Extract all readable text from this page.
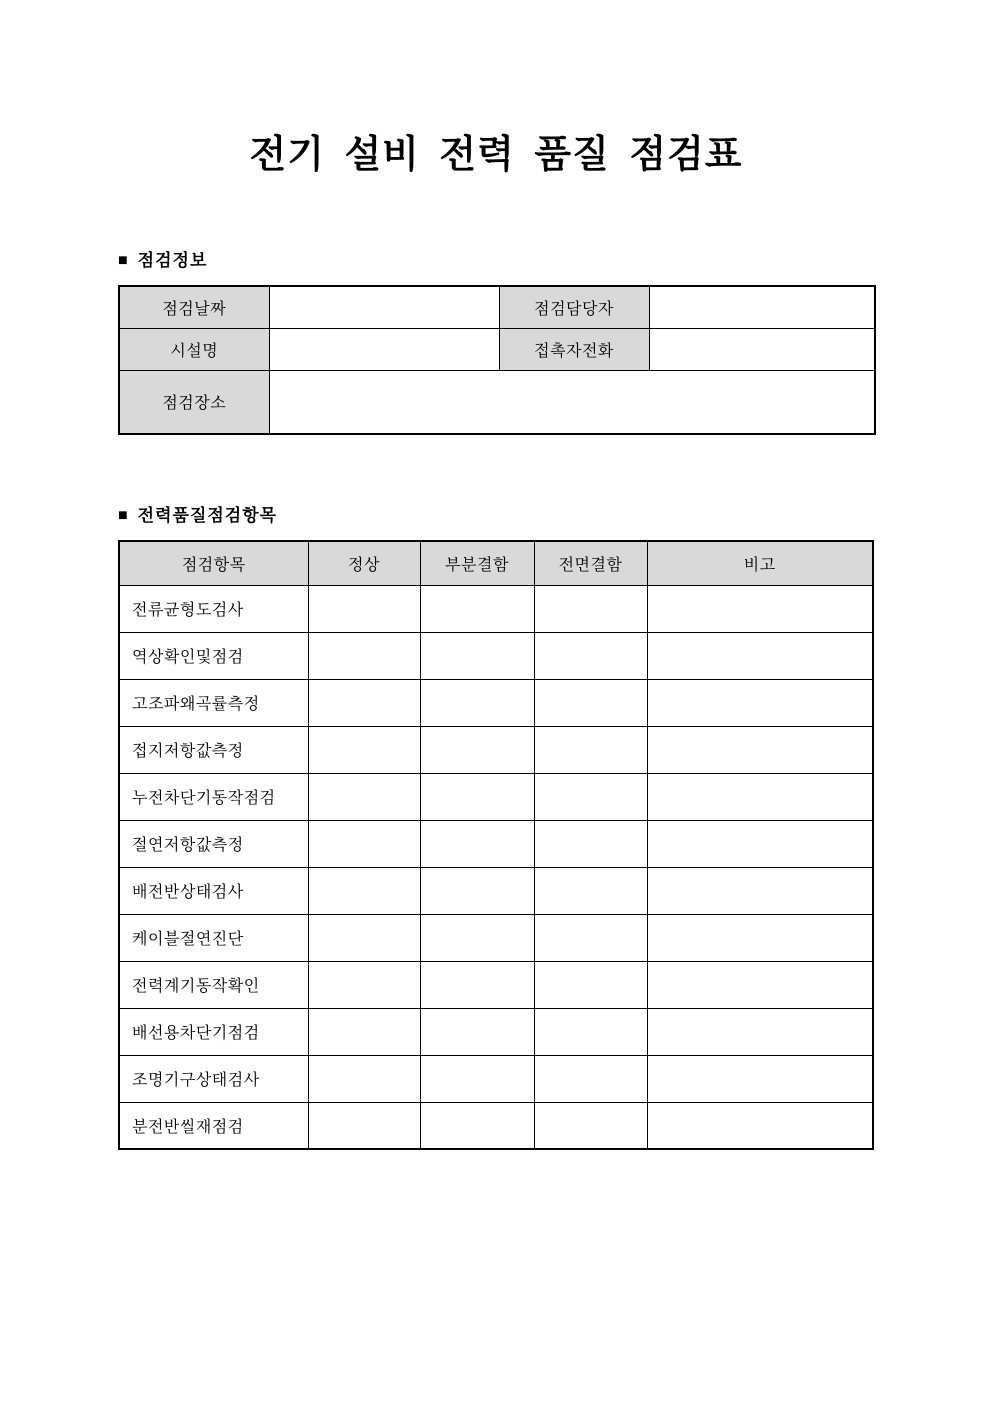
전기 설비 전력 품질 점검표
■ 점검정보
점검날짜		점검담당자	
시설명		접촉자전화	
점검장소			
■ 전력품질점검항목
점검항목	정상	부분결함	전면결함	비고
전류균형도검사				
역상확인및점검				
고조파왜곡률측정				
접지저항값측정				
누전차단기동작점검				
절연저항값측정				
배전반상태검사				
케이블절연진단				
전력계기동작확인				
배선용차단기점검				
조명기구상태검사				
분전반씰재점검				
